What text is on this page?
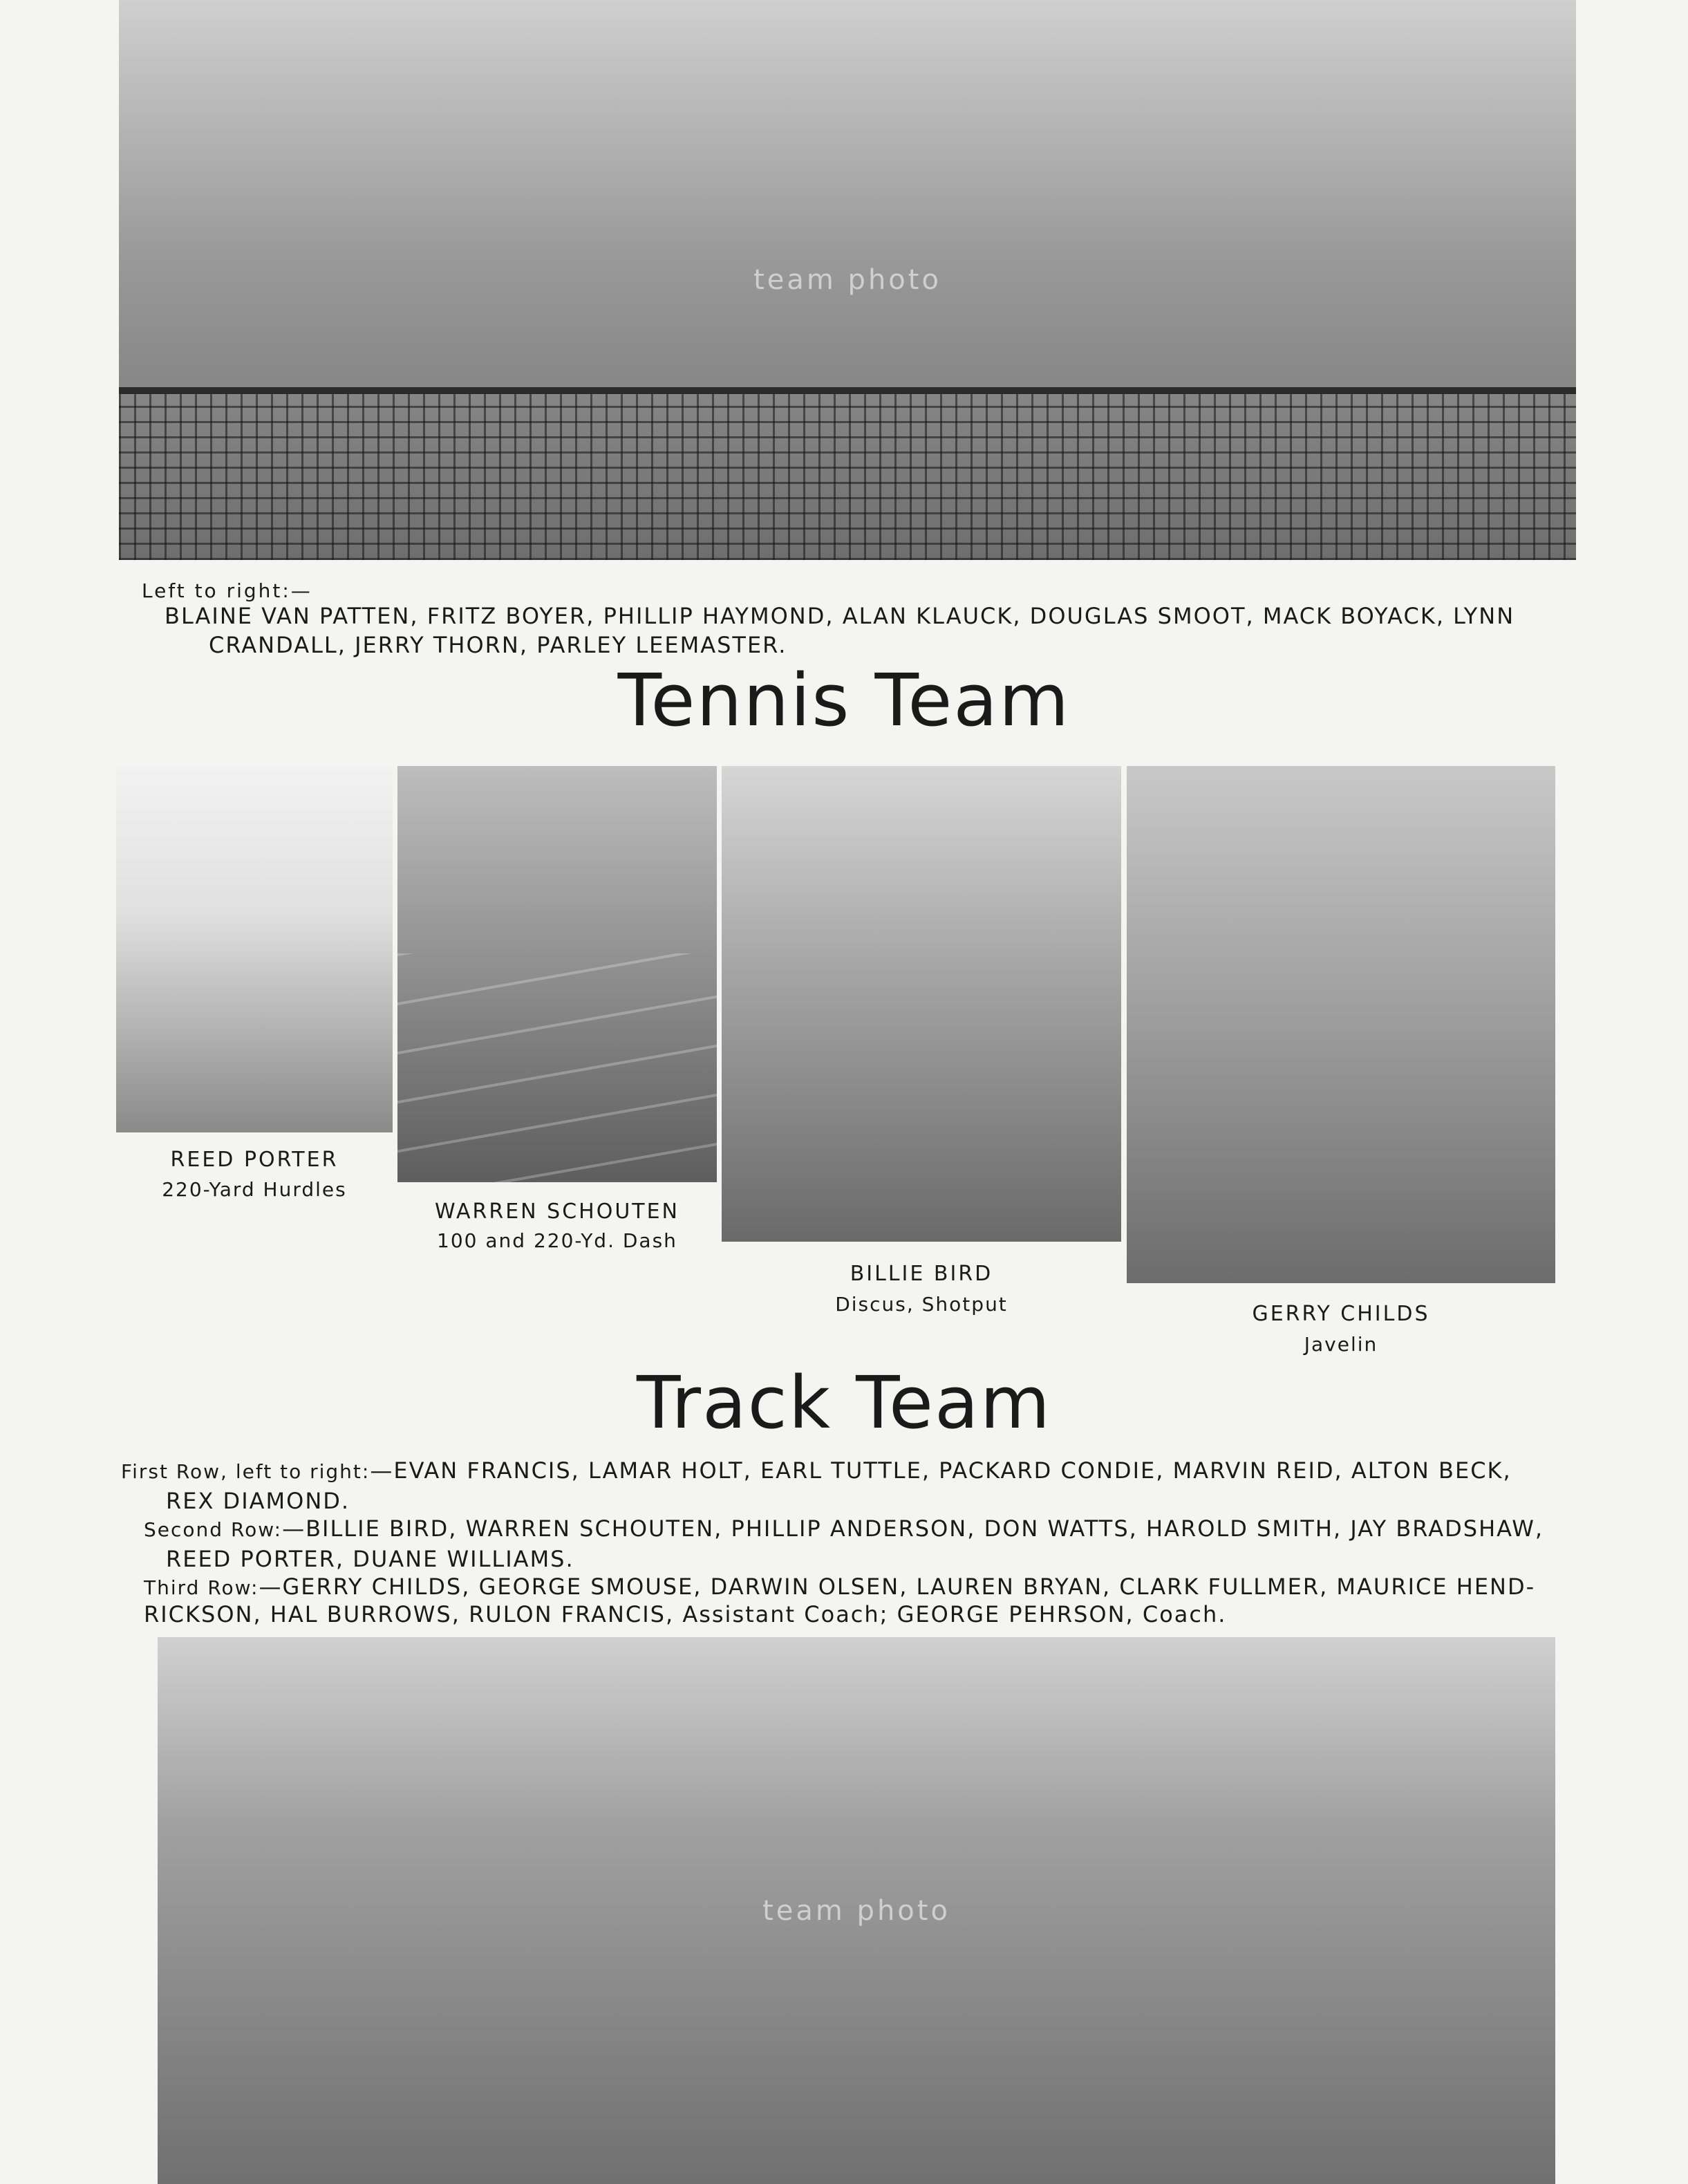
team photo
Left to right:—
BLAINE VAN PATTEN, FRITZ BOYER, PHILLIP HAYMOND, ALAN KLAUCK, DOUGLAS SMOOT, MACK BOYACK, LYNN
CRANDALL, JERRY THORN, PARLEY LEEMASTER.
Tennis Team
REED PORTER
220-Yard Hurdles
WARREN SCHOUTEN
100 and 220-Yd. Dash
BILLIE BIRD
Discus, Shotput	GERRY CHILDS
Javelin
Track Team
First Row, left to right:—EVAN FRANCIS, LAMAR HOLT, EARL TUTTLE, PACKARD CONDIE, MARVIN REID, ALTON BECK,
REX DIAMOND.
Second Row:—BILLIE BIRD, WARREN SCHOUTEN, PHILLIP ANDERSON, DON WATTS, HAROLD SMITH, JAY BRADSHAW,
REED PORTER, DUANE WILLIAMS.
Third Row:—GERRY CHILDS, GEORGE SMOUSE, DARWIN OLSEN, LAUREN BRYAN, CLARK FULLMER, MAURICE HEND-
RICKSON, HAL BURROWS, RULON FRANCIS, Assistant Coach; GEORGE PEHRSON, Coach.
team photo
